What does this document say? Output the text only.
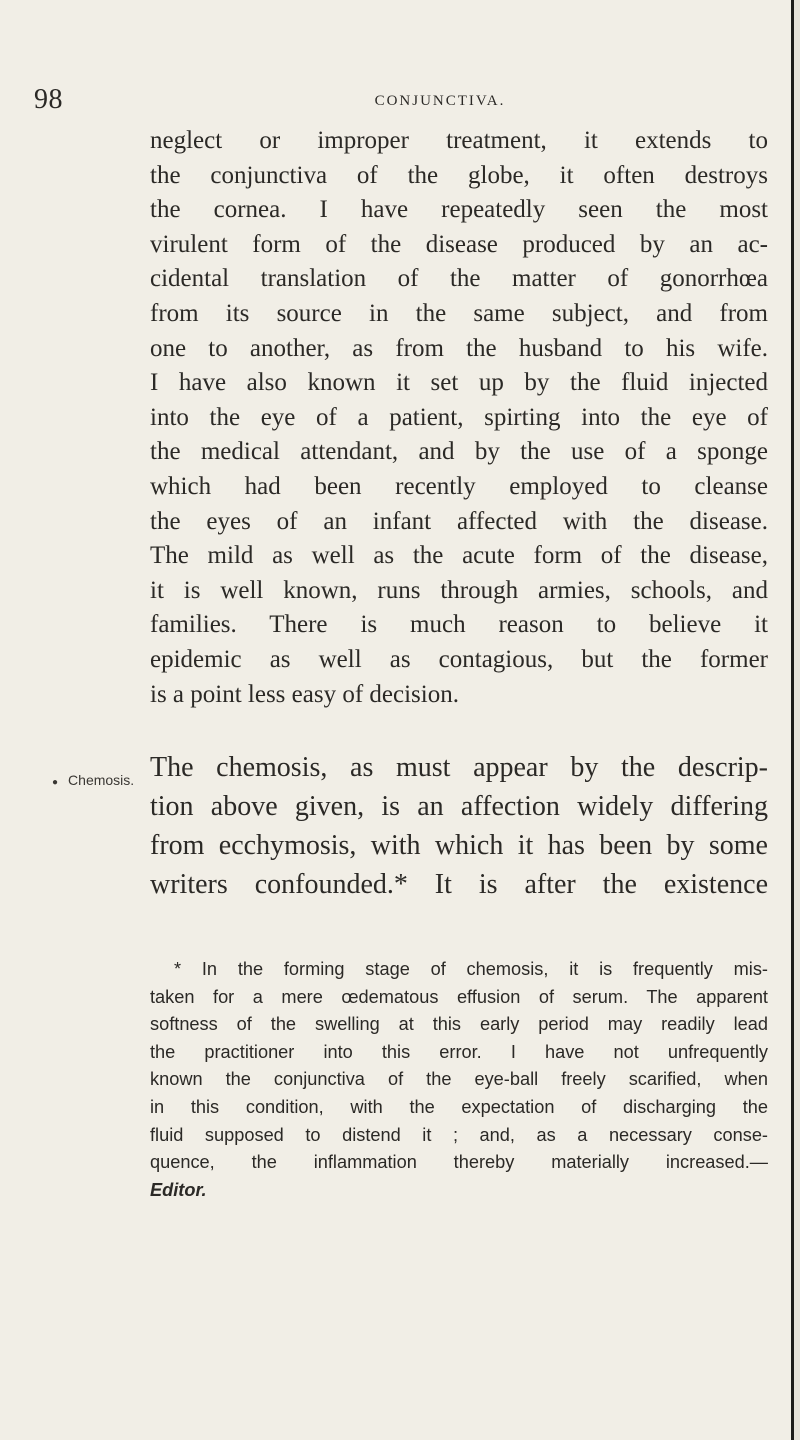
98	CONJUNCTIVA.
● Chemosis.
neglect or improper treatment, it extends to
the conjunctiva of the globe, it often destroys
the cornea. I have repeatedly seen the most
virulent form of the disease produced by an ac-
cidental translation of the matter of gonorrhœa
from its source in the same subject, and from
one to another, as from the husband to his wife.
I have also known it set up by the fluid injected
into the eye of a patient, spirting into the eye of
the medical attendant, and by the use of a sponge
which had been recently employed to cleanse
the eyes of an infant affected with the disease.
The mild as well as the acute form of the disease,
it is well known, runs through armies, schools, and
families. There is much reason to believe it
epidemic as well as contagious, but the former
is a point less easy of decision.
The chemosis, as must appear by the descrip-
tion above given, is an affection widely differing
from ecchymosis, with which it has been by some
writers confounded.* It is after the existence
* In the forming stage of chemosis, it is frequently mis-
taken for a mere œdematous effusion of serum. The apparent
softness of the swelling at this early period may readily lead
the practitioner into this error. I have not unfrequently
known the conjunctiva of the eye-ball freely scarified, when
in this condition, with the expectation of discharging the
fluid supposed to distend it ; and, as a necessary conse-
quence, the inflammation thereby materially increased.—
Editor.
